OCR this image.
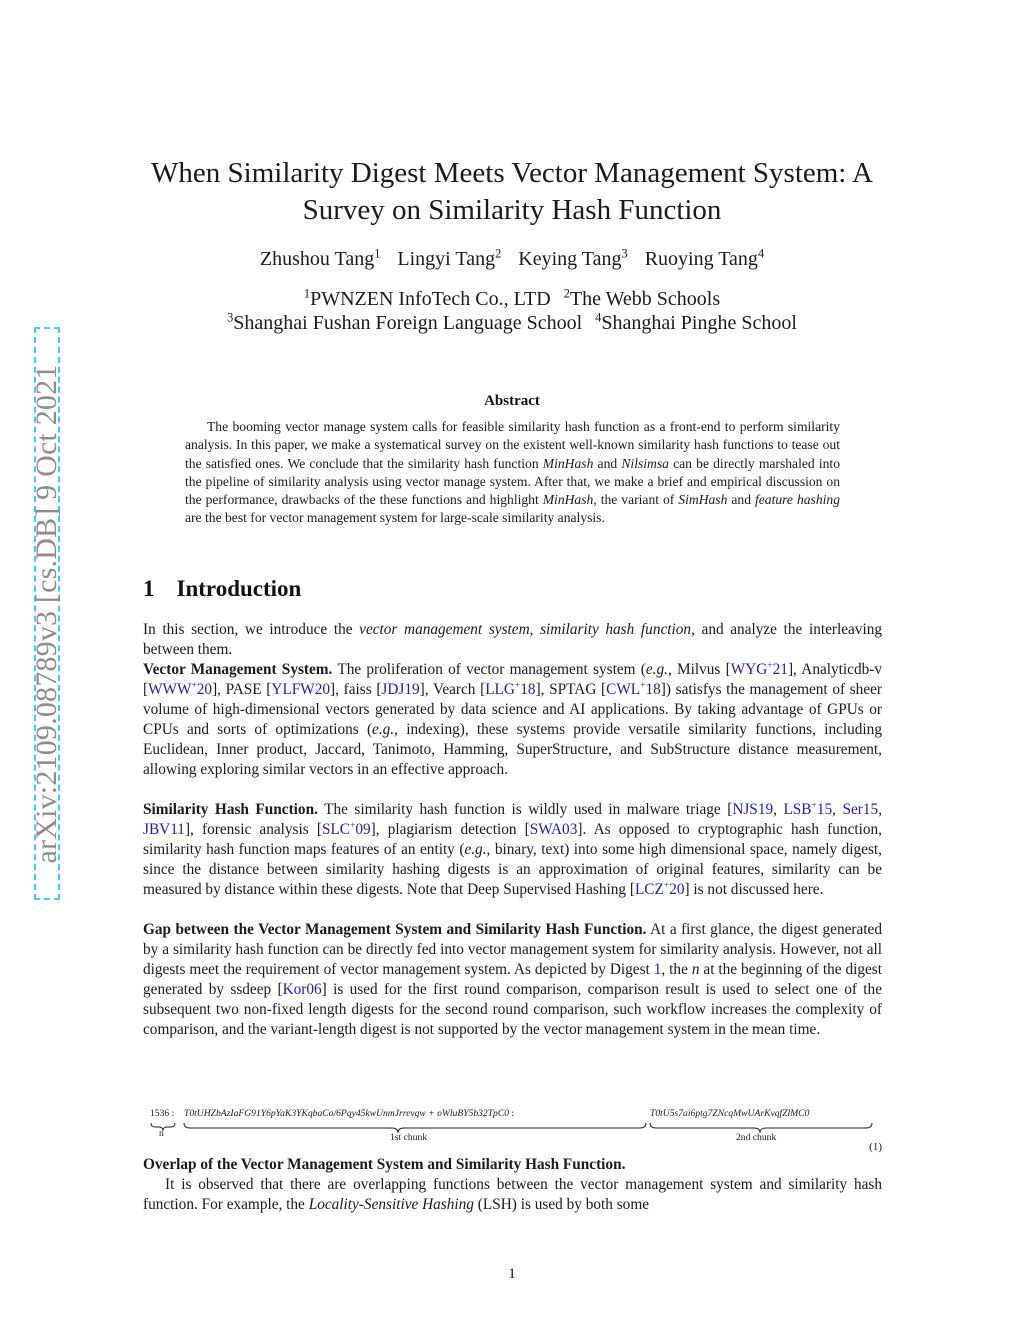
arXiv:2109.08789v3 [cs.DB] 9 Oct 2021
When Similarity Digest Meets Vector Management System: A
Survey on Similarity Hash Function
Zhushou Tang$^1$ Lingyi Tang$^2$ Keying Tang$^3$ Ruoying Tang$^4$
$^1$PWNZEN InfoTech Co., LTD $^2$The Webb Schools
$^3$Shanghai Fushan Foreign Language School $^4$Shanghai Pinghe School
Abstract
The booming vector manage system calls for feasible similarity hash function as a front-end to perform similarity analysis. In this paper, we make a systematical survey on the existent well-known similarity hash functions to tease out the satisfied ones. We conclude that the similarity hash function MinHash and Nilsimsa can be directly marshaled into the pipeline of similarity analysis using vector manage system. After that, we make a brief and empirical discussion on the performance, drawbacks of the these functions and highlight MinHash, the variant of SimHash and feature hashing are the best for vector management system for large-scale similarity analysis.
1 Introduction
In this section, we introduce the vector management system, similarity hash function, and analyze the interleaving between them.
Vector Management System. The proliferation of vector management system (e.g., Milvus [WYG+21], Analyticdb-v [WWW+20], PASE [YLFW20], faiss [JDJ19], Vearch [LLG+18], SPTAG [CWL+18]) satisfys the management of sheer volume of high-dimensional vectors generated by data science and AI applications. By taking advantage of GPUs or CPUs and sorts of optimizations (e.g., indexing), these systems provide versatile similarity functions, including Euclidean, Inner product, Jaccard, Tanimoto, Hamming, SuperStructure, and SubStructure distance measurement, allowing exploring similar vectors in an effective approach.
Similarity Hash Function. The similarity hash function is wildly used in malware triage [NJS19, LSB+15, Ser15, JBV11], forensic analysis [SLC+09], plagiarism detection [SWA03]. As opposed to cryptographic hash function, similarity hash function maps features of an entity (e.g., binary, text) into some high dimensional space, namely digest, since the distance between similarity hashing digests is an approximation of original features, similarity can be measured by distance within these digests. Note that Deep Supervised Hashing [LCZ+20] is not discussed here.
Gap between the Vector Management System and Similarity Hash Function. At a first glance, the digest generated by a similarity hash function can be directly fed into vector management system for similarity analysis. However, not all digests meet the requirement of vector management system. As depicted by Digest 1, the n at the beginning of the digest generated by ssdeep [Kor06] is used for the first round comparison, comparison result is used to select one of the subsequent two non-fixed length digests for the second round comparison, such workflow increases the complexity of comparison, and the variant-length digest is not supported by the vector management system in the mean time.
1536 : T0tUHZbAzIaFG91Y6pYaK3YKqbaCo/6Pqy45kwUnmJrrevqw + oWluBY5b32TpC0 :	T0tU5s7ai6ptg7ZNcqMwUArKvqfZlMC0
n	1st chunk	2nd chunk
(1)
Overlap of the Vector Management System and Similarity Hash Function.
It is observed that there are overlapping functions between the vector management system and similarity hash function. For example, the Locality-Sensitive Hashing (LSH) is used by both some
1
